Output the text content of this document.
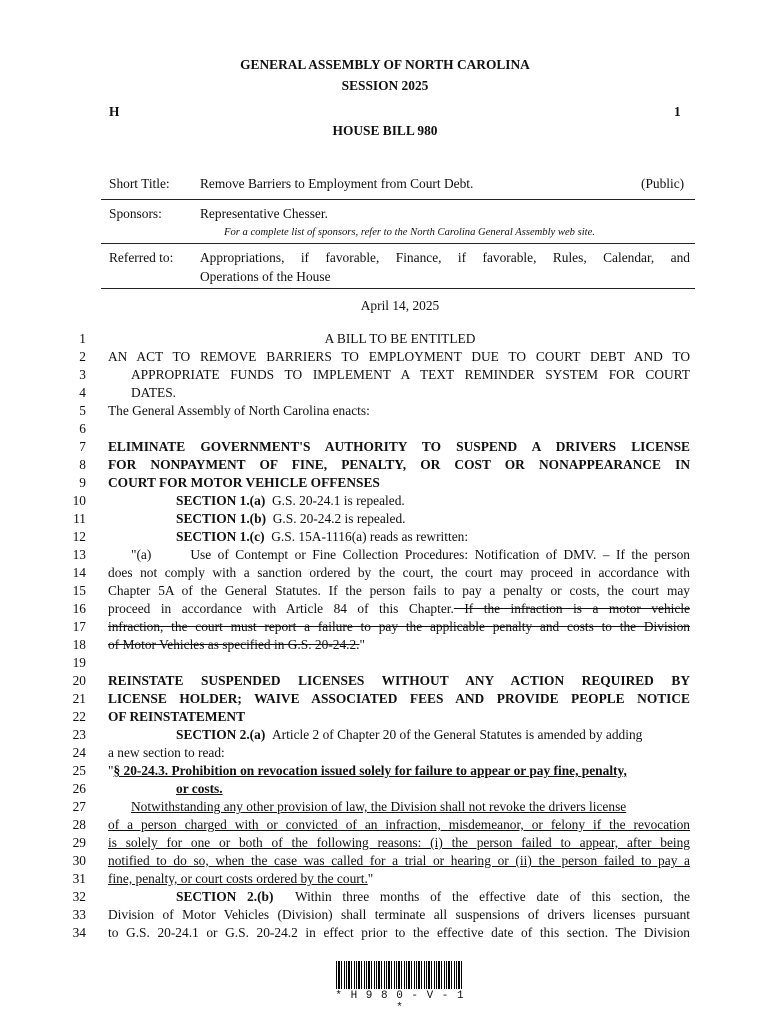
GENERAL ASSEMBLY OF NORTH CAROLINA
SESSION 2025
H	1
HOUSE BILL 980
Short Title: Remove Barriers to Employment from Court Debt.	(Public)
Sponsors:	Representative Chesser.
For a complete list of sponsors, refer to the North Carolina General Assembly web site.
Referred to: Appropriations, if favorable, Finance, if favorable, Rules, Calendar, and
Operations of the House
April 14, 2025
1	A BILL TO BE ENTITLED
2 AN ACT TO REMOVE BARRIERS TO EMPLOYMENT DUE TO COURT DEBT AND TO
3	APPROPRIATE FUNDS TO IMPLEMENT A TEXT REMINDER SYSTEM FOR COURT
4	DATES.
5 The General Assembly of North Carolina enacts:
6
7 ELIMINATE GOVERNMENT'S AUTHORITY TO SUSPEND A DRIVERS LICENSE
8 FOR NONPAYMENT OF FINE, PENALTY, OR COST OR NONAPPEARANCE IN
9 COURT FOR MOTOR VEHICLE OFFENSES
10	SECTION 1.(a) G.S. 20-24.1 is repealed.
11	SECTION 1.(b) G.S. 20-24.2 is repealed.
12	SECTION 1.(c) G.S. 15A-1116(a) reads as rewritten:
13	"(a)      Use of Contempt or Fine Collection Procedures: Notification of DMV. – If the person
14 does not comply with a sanction ordered by the court, the court may proceed in accordance with
15 Chapter 5A of the General Statutes. If the person fails to pay a penalty or costs, the court may
16 proceed in accordance with Article 84 of this Chapter. If the infraction is a motor vehicle
17 infraction, the court must report a failure to pay the applicable penalty and costs to the Division
18 of Motor Vehicles as specified in G.S. 20-24.2."
19
20 REINSTATE SUSPENDED LICENSES WITHOUT ANY ACTION REQUIRED BY
21 LICENSE HOLDER; WAIVE ASSOCIATED FEES AND PROVIDE PEOPLE NOTICE
22 OF REINSTATEMENT
23	SECTION 2.(a) Article 2 of Chapter 20 of the General Statutes is amended by adding
24 a new section to read:
25 "§ 20-24.3. Prohibition on revocation issued solely for failure to appear or pay fine, penalty,
26	or costs.
27	Notwithstanding any other provision of law, the Division shall not revoke the drivers license
28 of a person charged with or convicted of an infraction, misdemeanor, or felony if the revocation
29 is solely for one or both of the following reasons: (i) the person failed to appear, after being
30 notified to do so, when the case was called for a trial or hearing or (ii) the person failed to pay a
31 fine, penalty, or court costs ordered by the court."
32	SECTION 2.(b) Within three months of the effective date of this section, the
33 Division of Motor Vehicles (Division) shall terminate all suspensions of drivers licenses pursuant
34 to G.S. 20-24.1 or G.S. 20-24.2 in effect prior to the effective date of this section. The Division
* H 9 8 0 - V - 1 *
